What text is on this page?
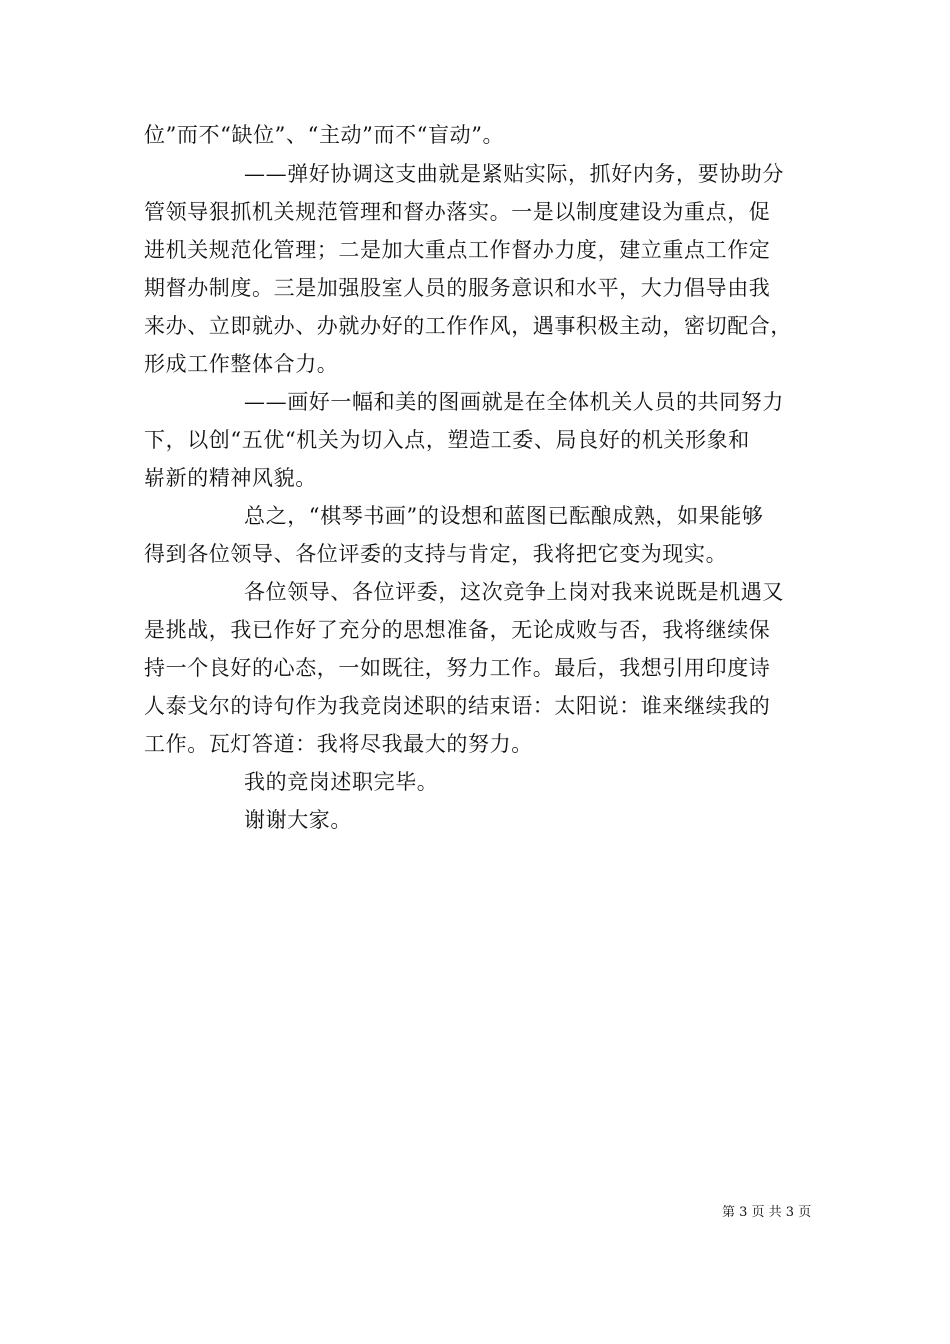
位”而不“缺位”、“主动”而不“盲动”。
——弹好协调这支曲就是紧贴实际，抓好内务，要协助分
管领导狠抓机关规范管理和督办落实。一是以制度建设为重点，促
进机关规范化管理；二是加大重点工作督办力度，建立重点工作定
期督办制度。三是加强股室人员的服务意识和水平，大力倡导由我
来办、立即就办、办就办好的工作作风，遇事积极主动，密切配合，
形成工作整体合力。
——画好一幅和美的图画就是在全体机关人员的共同努力
下，以创“五优“机关为切入点，塑造工委、局良好的机关形象和
崭新的精神风貌。
总之，“棋琴书画”的设想和蓝图已酝酿成熟，如果能够
得到各位领导、各位评委的支持与肯定，我将把它变为现实。
各位领导、各位评委，这次竞争上岗对我来说既是机遇又
是挑战，我已作好了充分的思想准备，无论成败与否，我将继续保
持一个良好的心态，一如既往，努力工作。最后，我想引用印度诗
人泰戈尔的诗句作为我竞岗述职的结束语：太阳说：谁来继续我的
工作。瓦灯答道：我将尽我最大的努力。
我的竞岗述职完毕。
谢谢大家。
第 3 页 共 3 页
